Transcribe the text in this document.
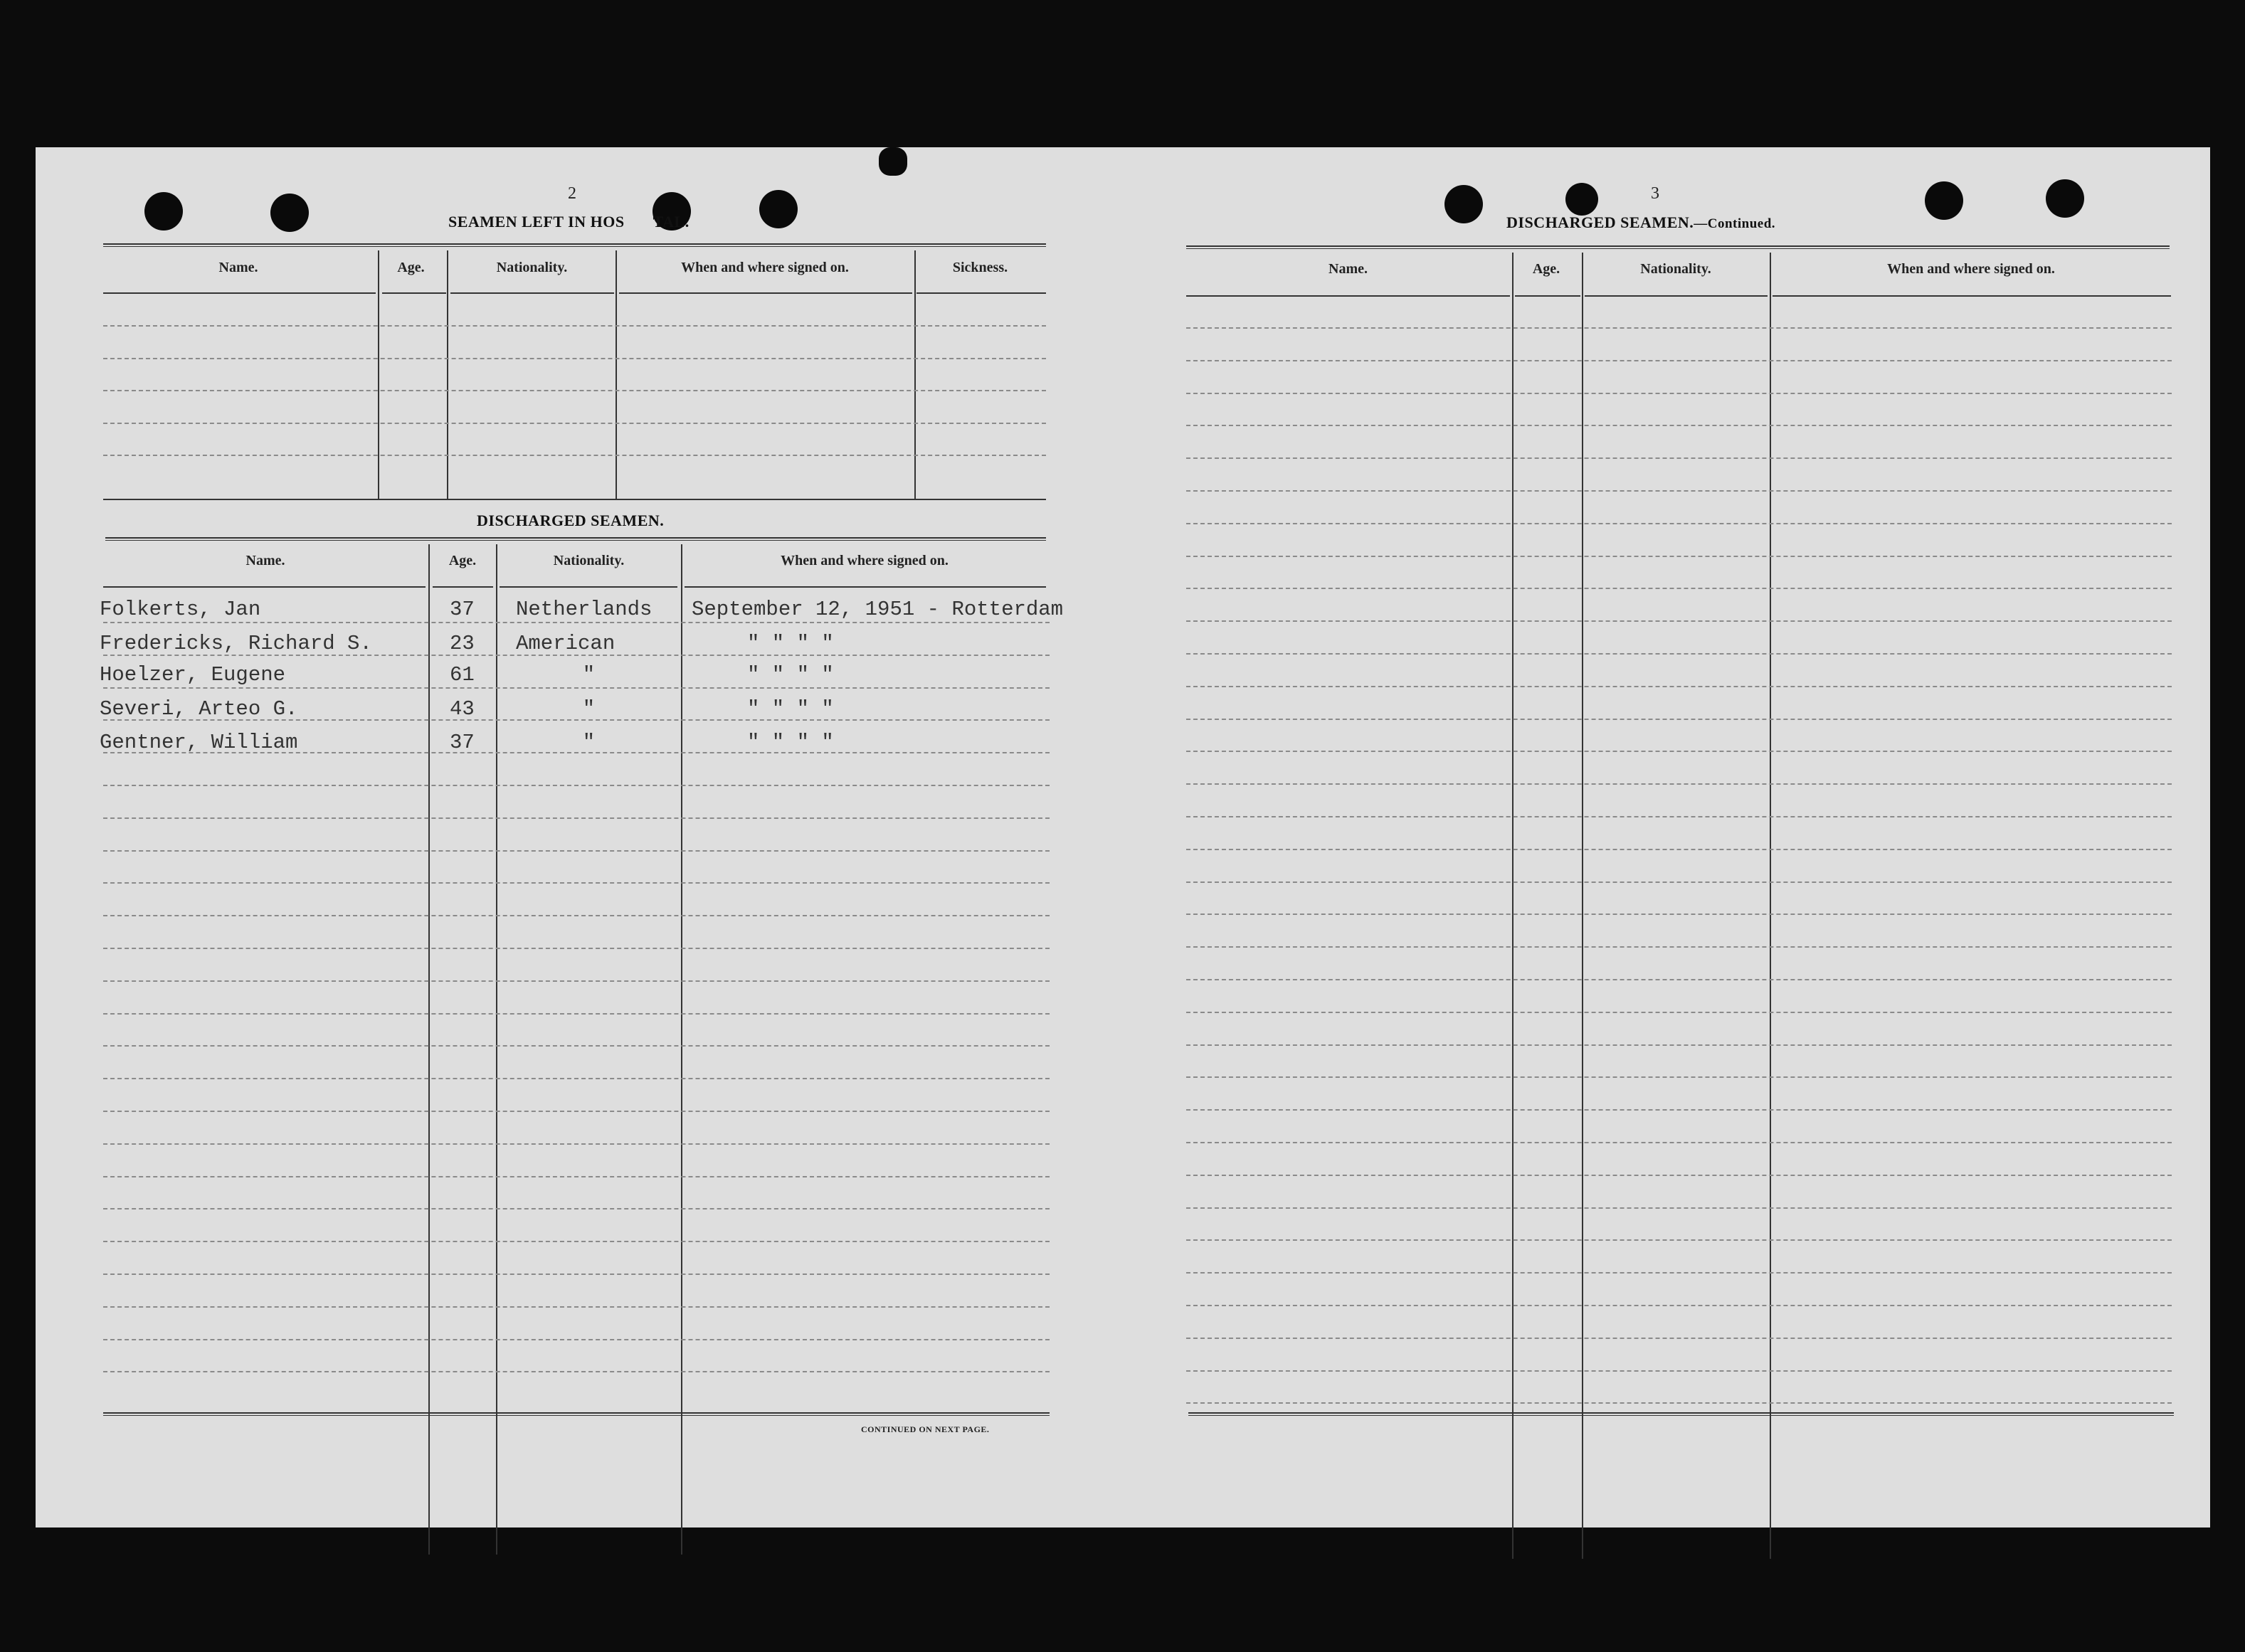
2
SEAMEN LEFT IN HOS TAL.
Name.	Age.	Nationality.	When and where signed on.	Sickness.
DISCHARGED SEAMEN.
Name.	Age.	Nationality.	When and where signed on.
CONTINUED ON NEXT PAGE.
Folkerts, Jan	37 Netherlands September 12, 1951 - Rotterdam
Fredericks, Richard S.	23 American	" " " "
Hoelzer, Eugene	61	"	" " " "
Severi, Arteo G.	43	"	" " " "
Gentner, William	37	"	" " " "
3
DISCHARGED SEAMEN.—Continued.
Name.	Age.	Nationality.	When and where signed on.
